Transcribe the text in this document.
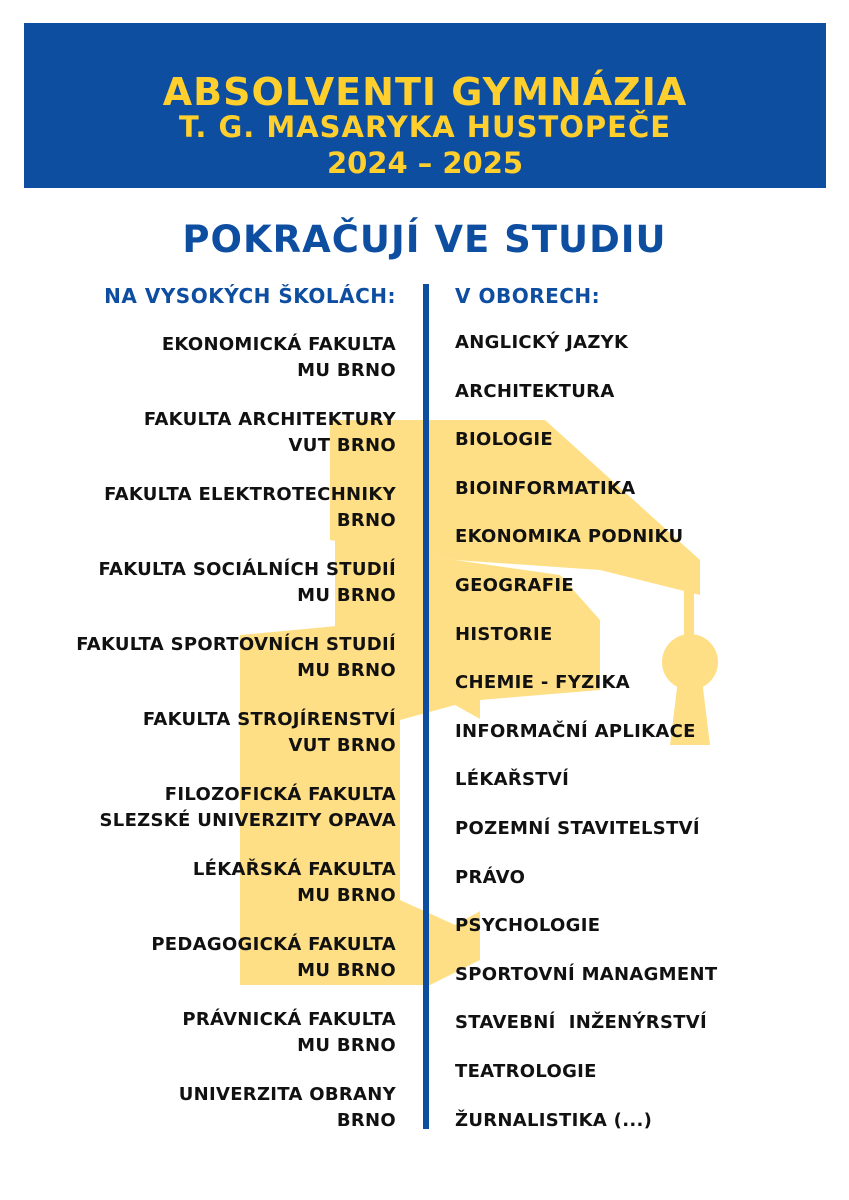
ABSOLVENTI GYMNÁZIA
T. G. MASARYKA HUSTOPEČE
2024 – 2025
POKRAČUJÍ VE STUDIU
NA VYSOKÝCH ŠKOLÁCH:	V OBORECH:
EKONOMICKÁ FAKULTA
MU BRNO
FAKULTA ARCHITEKTURY
VUT BRNO
FAKULTA ELEKTROTECHNIKY
BRNO
FAKULTA SOCIÁLNÍCH STUDIÍ
MU BRNO
FAKULTA SPORTOVNÍCH STUDIÍ
MU BRNO
FAKULTA STROJÍRENSTVÍ
VUT BRNO
FILOZOFICKÁ FAKULTA
SLEZSKÉ UNIVERZITY OPAVA
LÉKAŘSKÁ FAKULTA
MU BRNO
PEDAGOGICKÁ FAKULTA
MU BRNO
PRÁVNICKÁ FAKULTA
MU BRNO
UNIVERZITA OBRANY
BRNO
ANGLICKÝ JAZYK
ARCHITEKTURA
BIOLOGIE
BIOINFORMATIKA
EKONOMIKA PODNIKU
GEOGRAFIE
HISTORIE
CHEMIE - FYZIKA
INFORMAČNÍ APLIKACE
LÉKAŘSTVÍ
POZEMNÍ STAVITELSTVÍ
PRÁVO
PSYCHOLOGIE
SPORTOVNÍ MANAGMENT
STAVEBNÍ  INŽENÝRSTVÍ
TEATROLOGIE
ŽURNALISTIKA (...)
